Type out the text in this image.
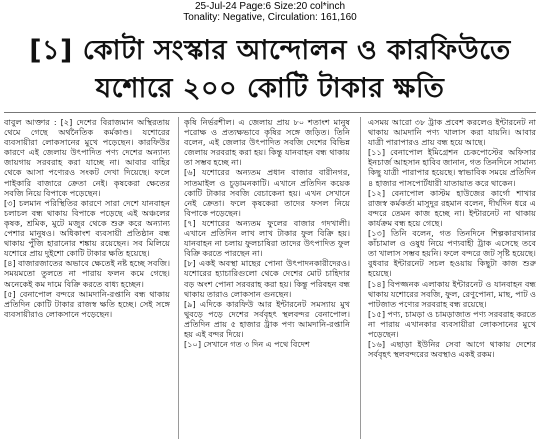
25-Jul-24 Page:6 Size:20 col*inch
Tonality: Negative, Circulation: 161,160
[১] কোটা সংস্কার আন্দোলন ও কারফিউতে
যশোরে ২০০ কোটি টাকার ক্ষতি

বাবুল আক্তার : [২] দেশের বিরাজমান অস্থিরতায় থেমে গেছে অর্থনৈতিক কর্মকাণ্ড। যশোরের ব্যবসায়ীরা লোকসানের মুখে পড়েছেন। কারফিউর কারণে এই জেলায় উৎপাদিত পণ্য দেশের অন্যান্য জায়গায় সরবরাহ করা যাচ্ছে না। আবার বাহির থেকে আসা পণ্যেরও সংকট দেখা দিয়েছে। ফলে পাইকারি বাজারে ক্রেতা নেই। কৃষকেরা ক্ষেতের সবজি নিয়ে বিপাকে পড়েছেন।

[৩] চলমান পরিস্থিতির কারণে সারা দেশে যানবাহন চলাচল বন্ধ থাকায় বিপাকে পড়েছে এই অঞ্চলের কৃষক, শ্রমিক, মুটে মজুর থেকে শুরু করে অন্যান্য পেশার মানুষও। অধিকাংশ ব্যবসায়ী প্রতিষ্ঠান বন্ধ থাকায় পুঁজি হারানোর শঙ্কায় রয়েছেন। সব মিলিয়ে যশোরে প্রায় দুইশো কোটি টাকার ক্ষতি হয়েছে।

[৪] বাজারজাতের অভাবে ক্ষেতেই নষ্ট হচ্ছে সবজি। সময়মতো তুলতে না পারায় ফলন কমে গেছে। অনেকেই কম দামে বিক্রি করতে বাধ্য হচ্ছেন।

[৫] বেনাপোল বন্দরে আমদানি-রপ্তানি বন্ধ থাকায় প্রতিদিন কোটি টাকার রাজস্ব ক্ষতি হচ্ছে। সেই সঙ্গে ব্যবসায়ীরাও লোকসানে পড়েছেন।

কৃষি নির্ভরশীল। এ জেলায় প্রায় ৮০ শতাংশ মানুষ পরোক্ষ ও প্রত্যক্ষভাবে কৃষির সঙ্গে জড়িত। তিনি বলেন, এই জেলার উৎপাদিত সবজি দেশের বিভিন্ন জেলায় সরবরাহ করা হয়। কিন্তু যানবাহন বন্ধ থাকায় তা সম্ভব হচ্ছে না।

[৬] যশোরের অন্যতম প্রধান বাজার বারীনগর, সাতমাইল ও চুড়ামনকাটি। এখানে প্রতিদিন কয়েক কোটি টাকার সবজি বেচাকেনা হয়। এখন সেখানে নেই ক্রেতা। ফলে কৃষকেরা তাদের ফসল নিয়ে বিপাকে পড়েছেন।

[৭] যশোরের অন্যতম ফুলের বাজার গদখালী। এখানে প্রতিদিন লাখ লাখ টাকার ফুল বিক্রি হয়। যানবাহন না চলায় ফুলচাষিরা তাদের উৎপাদিত ফুল বিক্রি করতে পারছেন না।

[৮] একই অবস্থা মাছের পোনা উৎপাদনকারীদেরও। যশোরের হ্যাচারিগুলো থেকে দেশের মোট চাহিদার বড় অংশ পোনা সরবরাহ করা হয়। কিন্তু পরিবহন বন্ধ থাকায় তারাও লোকসান গুনছেন।

[৯] এদিকে কারফিউ আর ইন্টারনেট সমস্যায় মুখ থুবড়ে পড়ে দেশের সর্ববৃহৎ স্থলবন্দর বেনাপোল। প্রতিদিন প্রায় ৫ হাজার ট্রাক পণ্য আমদানি-রপ্তানি হয় এই বন্দর দিয়ে।

[১০] সেখানে গত ৩ দিন এ পথে বিদেশ

এসময় আরো ৩৮ ট্রাক প্রবেশ করলেও ইন্টারনেট না থাকায় আমদানি পণ্য খালাস করা যায়নি। আবার যাত্রী পারাপারও প্রায় বন্ধ হয়ে আছে।

[১১] বেনাপোল ইমিগ্রেশন চেকপোস্টের অফিসার ইনচার্জ আহসান হাবিব জানান, গত তিনদিনে সামান্য কিছু যাত্রী পারাপার হয়েছে। স্বাভাবিক সময়ে প্রতিদিন ৪ হাজার পাসপোর্টধারী যাতায়াত করে থাকেন।

[১২] বেনাপোল কাস্টম হাউজের কার্গো শাখার রাজস্ব কর্মকর্তা মাসুদুর রহমান বলেন, দীর্ঘদিন ধরে এ বন্দরে তেমন কাজ হচ্ছে না। ইন্টারনেট না থাকায় কার্যক্রম বন্ধ হয়ে গেছে।

[১৩] তিনি বলেন, গত তিনদিনে শিল্পকারখানার কাঁচামাল ও ওষুধ নিয়ে পণ্যবাহী ট্রাক এসেছে তবে তা খালাস সম্ভব হয়নি। ফলে বন্দরে জট সৃষ্টি হয়েছে। বুধবার ইন্টারনেট সচল হওয়ায় কিছুটা কাজ শুরু হয়েছে।

[১৪] বিপজ্জনক এলাকায় ইন্টারনেট ও যানবাহন বন্ধ থাকায় যশোরের সবজি, ফুল, রেণুপোনা, মাছ, পাট ও পাটজাত পণ্যের সরবরাহ বন্ধ রয়েছে।

[১৫] পণ্য, চামড়া ও চামড়াজাত পণ্য সরবরাহ করতে না পারায় এখানকার ব্যবসায়ীরা লোকসানের মুখে পড়েছেন।

[১৬] এছাড়া ইউনির সেবা আগে থাকায় দেশের সর্ববৃহৎ স্থলবন্দরের অবস্থাও একই রকম।
